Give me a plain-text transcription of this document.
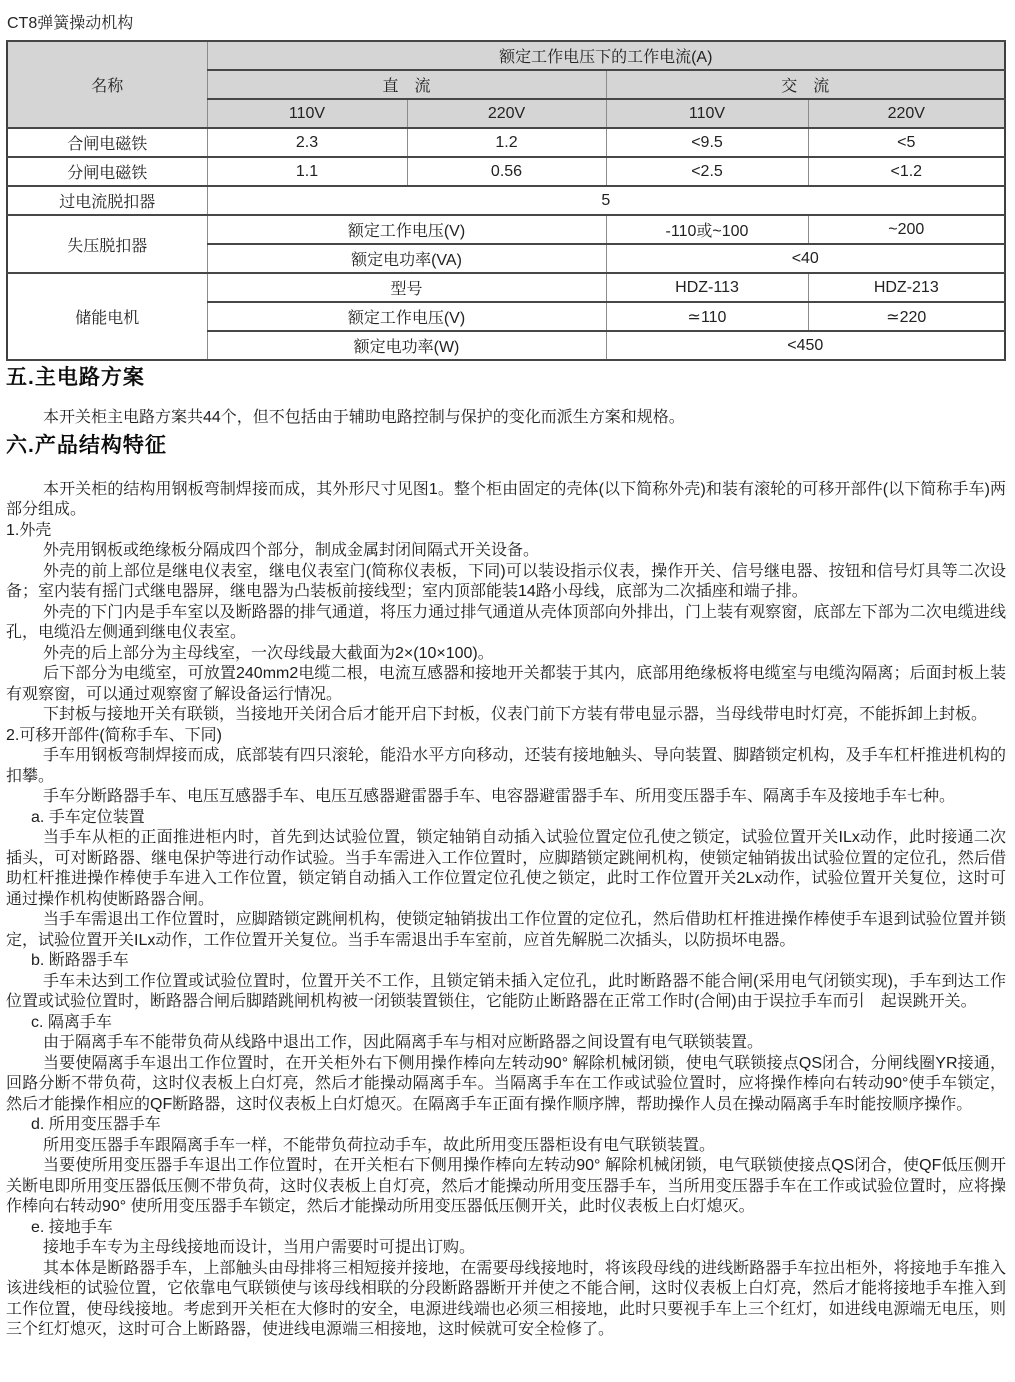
CT8弹簧操动机构
名称	额定工作电压下的工作电流(A)			
	直　流		交　流	
	110V	220V	110V	220V
合闸电磁铁	2.3	1.2	<9.5	<5
分闸电磁铁	1.1	0.56	<2.5	<1.2
过电流脱扣器	5			
失压脱扣器	额定工作电压(V)		-110或~100	~200
	额定电功率(VA)		<40	
储能电机	型号		HDZ-113	HDZ-213
	额定工作电压(V)		≃110	≃220
	额定电功率(W)		<450	
五.主电路方案

本开关柜主电路方案共44个，但不包括由于辅助电路控制与保护的变化而派生方案和规格。

六.产品结构特征

本开关柜的结构用钢板弯制焊接而成，其外形尺寸见图1。整个柜由固定的壳体(以下简称外壳)和装有滚轮的可移开部件(以下简称手车)两部分组成。

1.外壳

外壳用钢板或绝缘板分隔成四个部分，制成金属封闭间隔式开关设备。

外壳的前上部位是继电仪表室，继电仪表室门(简称仪表板，下同)可以装设指示仪表，操作开关、信号继电器、按钮和信号灯具等二次设备；室内装有摇门式继电器屏，继电器为凸装板前接线型；室内顶部能装14路小母线，底部为二次插座和端子排。

外壳的下门内是手车室以及断路器的排气通道，将压力通过排气通道从壳体顶部向外排出，门上装有观察窗，底部左下部为二次电缆进线孔，电缆沿左侧通到继电仪表室。

外壳的后上部分为主母线室，一次母线最大截面为2×(10×100)。

后下部分为电缆室，可放置240mm2电缆二根，电流互感器和接地开关都装于其内，底部用绝缘板将电缆室与电缆沟隔离；后面封板上装有观察窗，可以通过观察窗了解设备运行情况。

下封板与接地开关有联锁，当接地开关闭合后才能开启下封板，仪表门前下方装有带电显示器，当母线带电时灯亮，不能拆卸上封板。

2.可移开部件(简称手车、下同)

手车用钢板弯制焊接而成，底部装有四只滚轮，能沿水平方向移动，还装有接地触头、导向装置、脚踏锁定机构，及手车杠杆推进机构的扣攀。

手车分断路器手车、电压互感器手车、电压互感器避雷器手车、电容器避雷器手车、所用变压器手车、隔离手车及接地手车七种。

a. 手车定位装置

当手车从柜的正面推进柜内时，首先到达试验位置，锁定轴销自动插入试验位置定位孔使之锁定，试验位置开关ILx动作，此时接通二次插头，可对断路器、继电保护等进行动作试验。当手车需进入工作位置时，应脚踏锁定跳闸机构，使锁定轴销拔出试验位置的定位孔，然后借助杠杆推进操作棒使手车进入工作位置，锁定销自动插入工作位置定位孔使之锁定，此时工作位置开关2Lx动作，试验位置开关复位，这时可通过操作机构使断路器合闸。

当手车需退出工作位置时，应脚踏锁定跳闸机构，使锁定轴销拔出工作位置的定位孔，然后借助杠杆推进操作棒使手车退到试验位置并锁定，试验位置开关ILx动作，工作位置开关复位。当手车需退出手车室前，应首先解脱二次插头，以防损坏电器。

b. 断路器手车

手车未达到工作位置或试验位置时，位置开关不工作，且锁定销未插入定位孔，此时断路器不能合闸(采用电气闭锁实现)，手车到达工作位置或试验位置时，断路器合闸后脚踏跳闸机构被一闭锁装置锁住，它能防止断路器在正常工作时(合闸)由于误拉手车而引　起误跳开关。

c. 隔离手车

由于隔离手车不能带负荷从线路中退出工作，因此隔离手车与相对应断路器之间设置有电气联锁装置。

当要使隔离手车退出工作位置时，在开关柜外右下侧用操作棒向左转动90° 解除机械闭锁，使电气联锁接点QS闭合，分闸线圈YR接通，回路分断不带负荷，这时仪表板上白灯亮，然后才能操动隔离手车。当隔离手车在工作或试验位置时，应将操作棒向右转动90°使手车锁定，然后才能操作相应的QF断路器，这时仪表板上白灯熄灭。在隔离手车正面有操作顺序牌，帮助操作人员在操动隔离手车时能按顺序操作。

d. 所用变压器手车

所用变压器手车跟隔离手车一样，不能带负荷拉动手车，故此所用变压器柜设有电气联锁装置。

当要使所用变压器手车退出工作位置时，在开关柜右下侧用操作棒向左转动90° 解除机械闭锁，电气联锁使接点QS闭合，使QF低压侧开关断电即所用变压器低压侧不带负荷，这时仪表板上自灯亮，然后才能操动所用变压器手车，当所用变压器手车在工作或试验位置时，应将操作棒向右转动90° 使所用变压器手车锁定，然后才能操动所用变压器低压侧开关，此时仪表板上白灯熄灭。

e. 接地手车

接地手车专为主母线接地而设计，当用户需要时可提出订购。

其本体是断路器手车，上部触头由母排将三相短接并接地，在需要母线接地时，将该段母线的进线断路器手车拉出柜外，将接地手车推入该进线柜的试验位置，它依靠电气联锁使与该母线相联的分段断路器断开并使之不能合闸，这时仪表板上白灯亮，然后才能将接地手车推入到工作位置，使母线接地。考虑到开关柜在大修时的安全，电源进线端也必须三相接地，此时只要视手车上三个红灯，如进线电源端无电压，则三个红灯熄灭，这时可合上断路器，使进线电源端三相接地，这时候就可安全检修了。
